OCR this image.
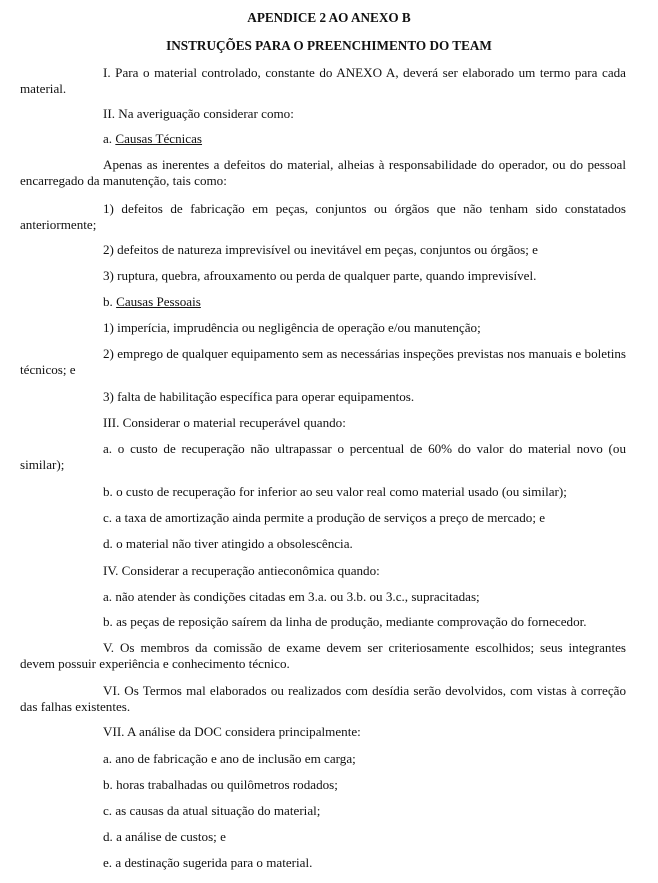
APENDICE 2 AO ANEXO B
INSTRUÇÕES PARA O PREENCHIMENTO DO TEAM
I. Para o material controlado, constante do ANEXO A, deverá ser elaborado um termo para cada material.
II. Na averiguação considerar como:
a. Causas Técnicas
Apenas as inerentes a defeitos do material, alheias à responsabilidade do operador, ou do pessoal encarregado da manutenção, tais como:
1) defeitos de fabricação em peças, conjuntos ou órgãos que não tenham sido constatados anteriormente;
2) defeitos de natureza imprevisível ou inevitável em peças, conjuntos ou órgãos; e
3) ruptura, quebra, afrouxamento ou perda de qualquer parte, quando imprevisível.
b. Causas Pessoais
1) imperícia, imprudência ou negligência de operação e/ou manutenção;
2) emprego de qualquer equipamento sem as necessárias inspeções previstas nos manuais e boletins técnicos; e
3) falta de habilitação específica para operar equipamentos.
III. Considerar o material recuperável quando:
a. o custo de recuperação não ultrapassar o percentual de 60% do valor do material novo (ou similar);
b. o custo de recuperação for inferior ao seu valor real como material usado (ou similar);
c. a taxa de amortização ainda permite a produção de serviços a preço de mercado; e
d. o material não tiver atingido a obsolescência.
IV. Considerar a recuperação antieconômica quando:
a. não atender às condições citadas em 3.a. ou 3.b. ou 3.c., supracitadas;
b. as peças de reposição saírem da linha de produção, mediante comprovação do fornecedor.
V. Os membros da comissão de exame devem ser criteriosamente escolhidos; seus integrantes devem possuir experiência e conhecimento técnico.
VI. Os Termos mal elaborados ou realizados com desídia serão devolvidos, com vistas à correção das falhas existentes.
VII. A análise da DOC considera principalmente:
a. ano de fabricação e ano de inclusão em carga;
b. horas trabalhadas ou quilômetros rodados;
c. as causas da atual situação do material;
d. a análise de custos; e
e. a destinação sugerida para o material.
